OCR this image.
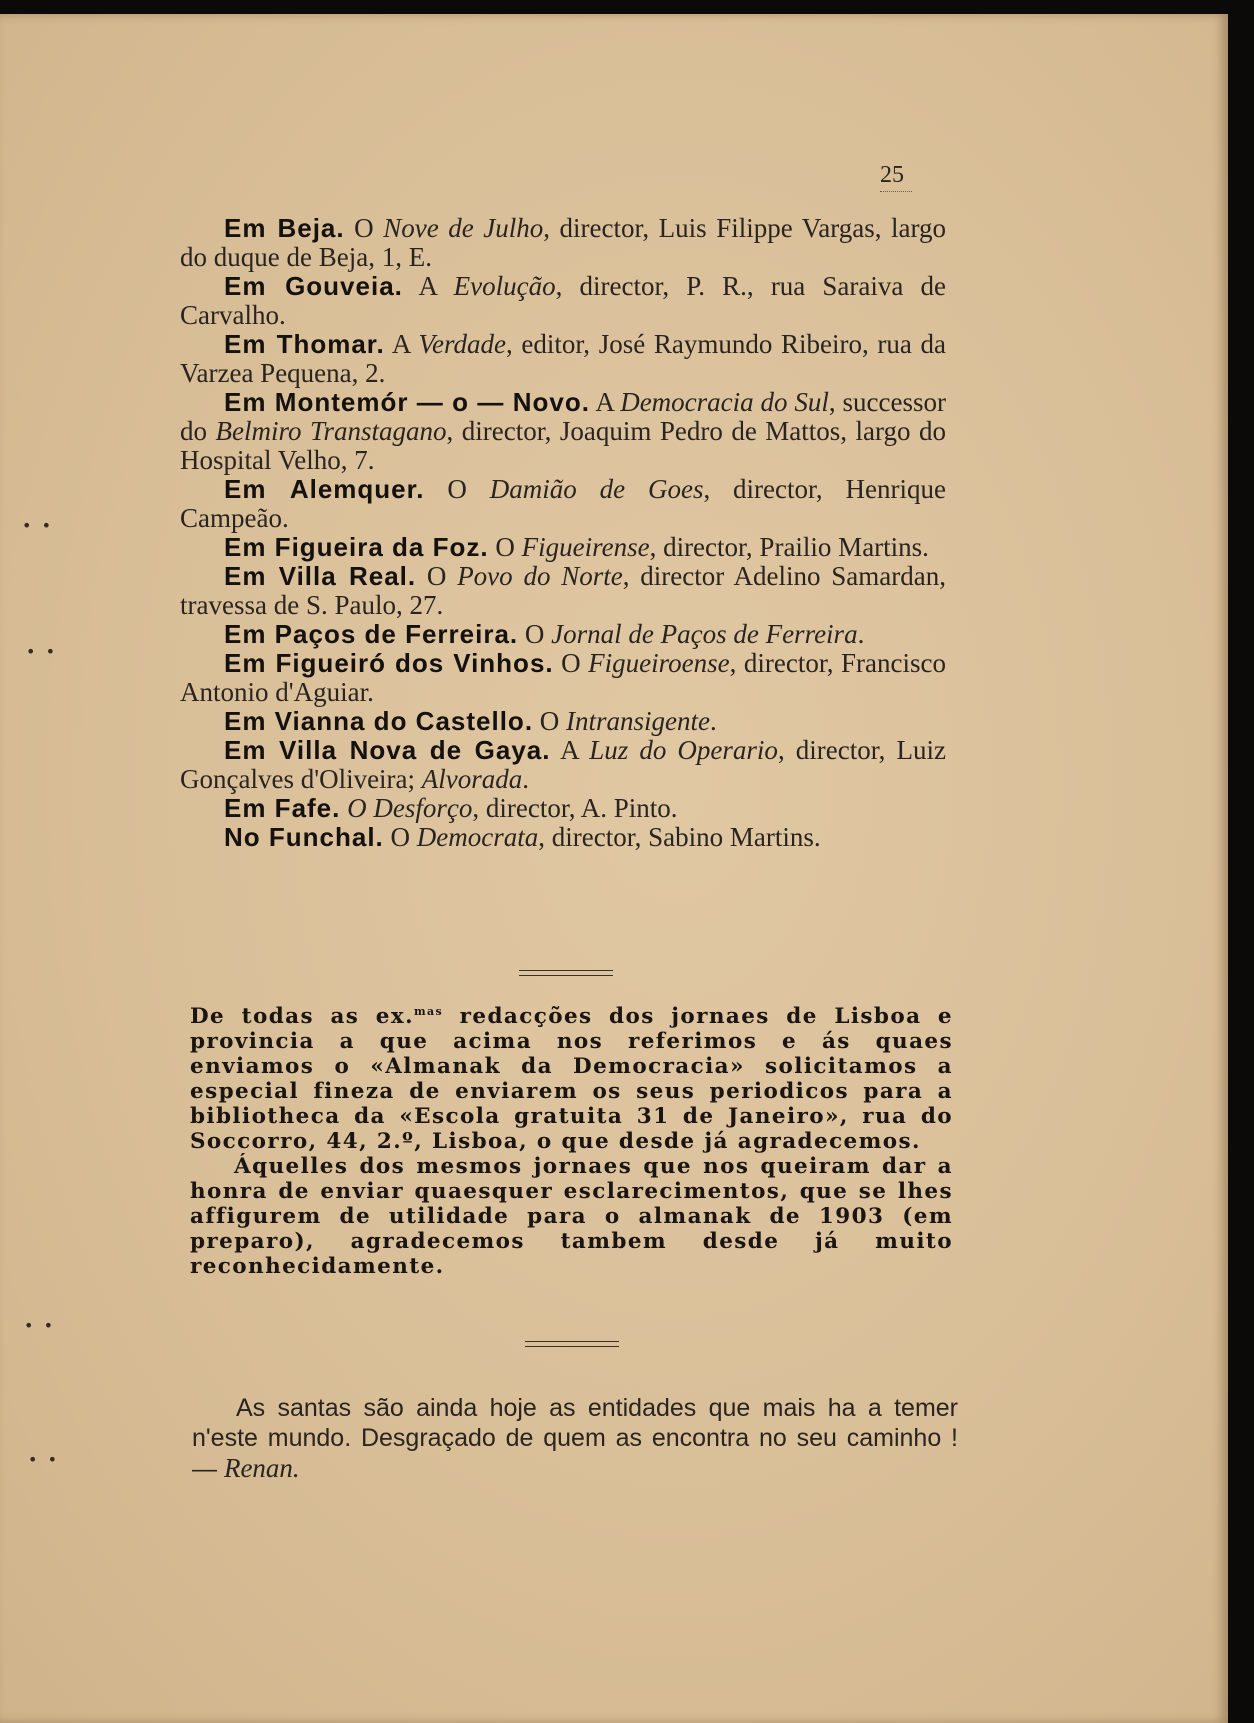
25
•  •
•  •
•  •
•  •

Em Beja. O Nove de Julho, director, Luis Filippe Vargas, largo do duque de Beja, 1, E.

Em Gouveia. A Evolução, director, P. R., rua Saraiva de Carvalho.

Em Thomar. A Verdade, editor, José Raymundo Ribeiro, rua da Varzea Pequena, 2.

Em Montemór — o — Novo. A Democracia do Sul, successor do Belmiro Transtagano, director, Joaquim Pedro de Mattos, largo do Hospital Velho, 7.

Em Alemquer. O Damião de Goes, director, Henrique Campeão.

Em Figueira da Foz. O Figueirense, director, Prailio Martins.

Em Villa Real. O Povo do Norte, director Adelino Samardan, travessa de S. Paulo, 27.

Em Paços de Ferreira. O Jornal de Paços de Ferreira.

Em Figueiró dos Vinhos. O Figueiroense, director, Francisco Antonio d'Aguiar.

Em Vianna do Castello. O Intransigente.

Em Villa Nova de Gaya. A Luz do Operario, director, Luiz Gonçalves d'Oliveira; Alvorada.

Em Fafe. O Desforço, director, A. Pinto.

No Funchal. O Democrata, director, Sabino Martins.

De todas as ex.$^{mas}$ redacções dos jornaes de Lisboa e provincia a que acima nos referimos e ás quaes enviamos o «Almanak da Democracia» solicitamos a especial fineza de enviarem os seus periodicos para a bibliotheca da «Escola gratuita 31 de Janeiro», rua do Soccorro, 44, 2.º, Lisboa, o que desde já agradecemos.

Áquelles dos mesmos jornaes que nos queiram dar a honra de enviar quaesquer esclarecimentos, que se lhes affigurem de utilidade para o almanak de 1903 (em preparo), agradecemos tambem desde já muito reconhecidamente.

As santas são ainda hoje as entidades que mais ha a temer n'este mundo. Desgraçado de quem as encontra no seu caminho ! — Renan.
